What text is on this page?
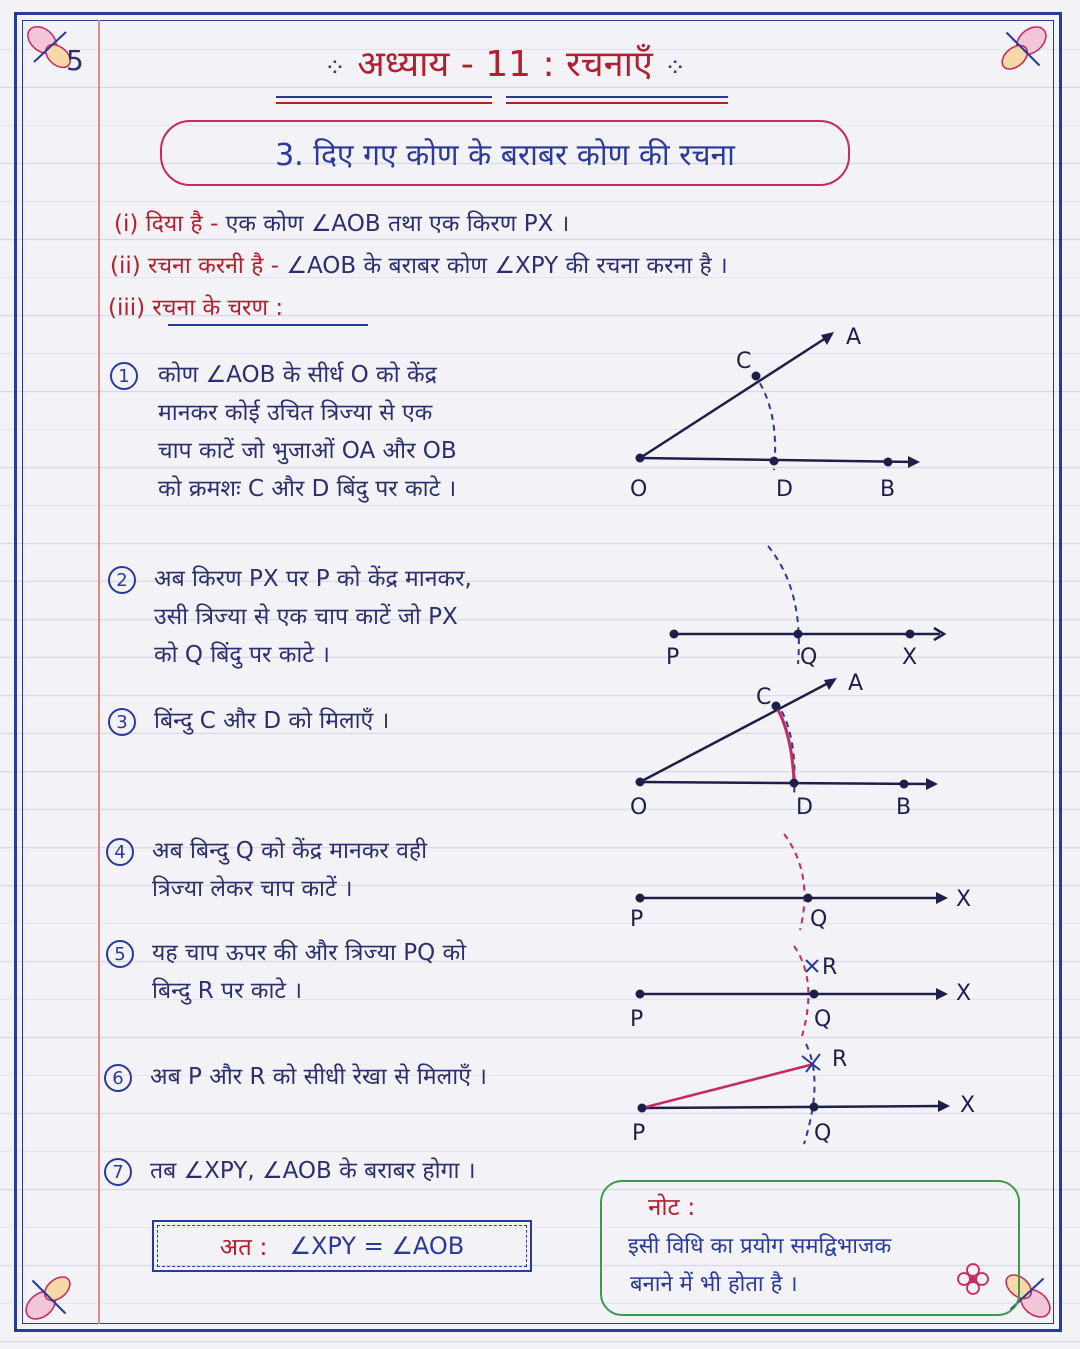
5	⁘ अध्याय - 11 : रचनाएँ ⁘
3. दिए गए कोण के बराबर कोण की रचना
(i) दिया है - एक कोण ∠AOB तथा एक किरण PX ।
(ii) रचना करनी है - ∠AOB के बराबर कोण ∠XPY की रचना करना है ।
(iii) रचना के चरण :
1	कोण ∠AOB के सीर्ध O को केंद्र
मानकर कोई उचित त्रिज्या से एक
चाप काटें जो भुजाओं OA और OB
को क्रमशः C और D बिंदु पर काटे ।
2	अब किरण PX पर P को केंद्र मानकर,
उसी त्रिज्या से एक चाप काटें जो PX
को Q बिंदु पर काटे ।
3	बिंन्दु C और D को मिलाएँ ।
4	अब बिन्दु Q को केंद्र मानकर वही
त्रिज्या लेकर चाप काटें ।
5	यह चाप ऊपर की और त्रिज्या PQ को
बिन्दु R पर काटे ।
6	अब P और R को सीधी रेखा से मिलाएँ ।
7	तब ∠XPY, ∠AOB के बराबर होगा ।
A
C
O	D	B
P	Q	X
A
C
O	D	B
P	Q
X
R
P	Q
X
R
P	Q
X
अत : ∠XPY = ∠AOB
नोट :
इसी विधि का प्रयोग समद्विभाजक
बनाने में भी होता है ।
